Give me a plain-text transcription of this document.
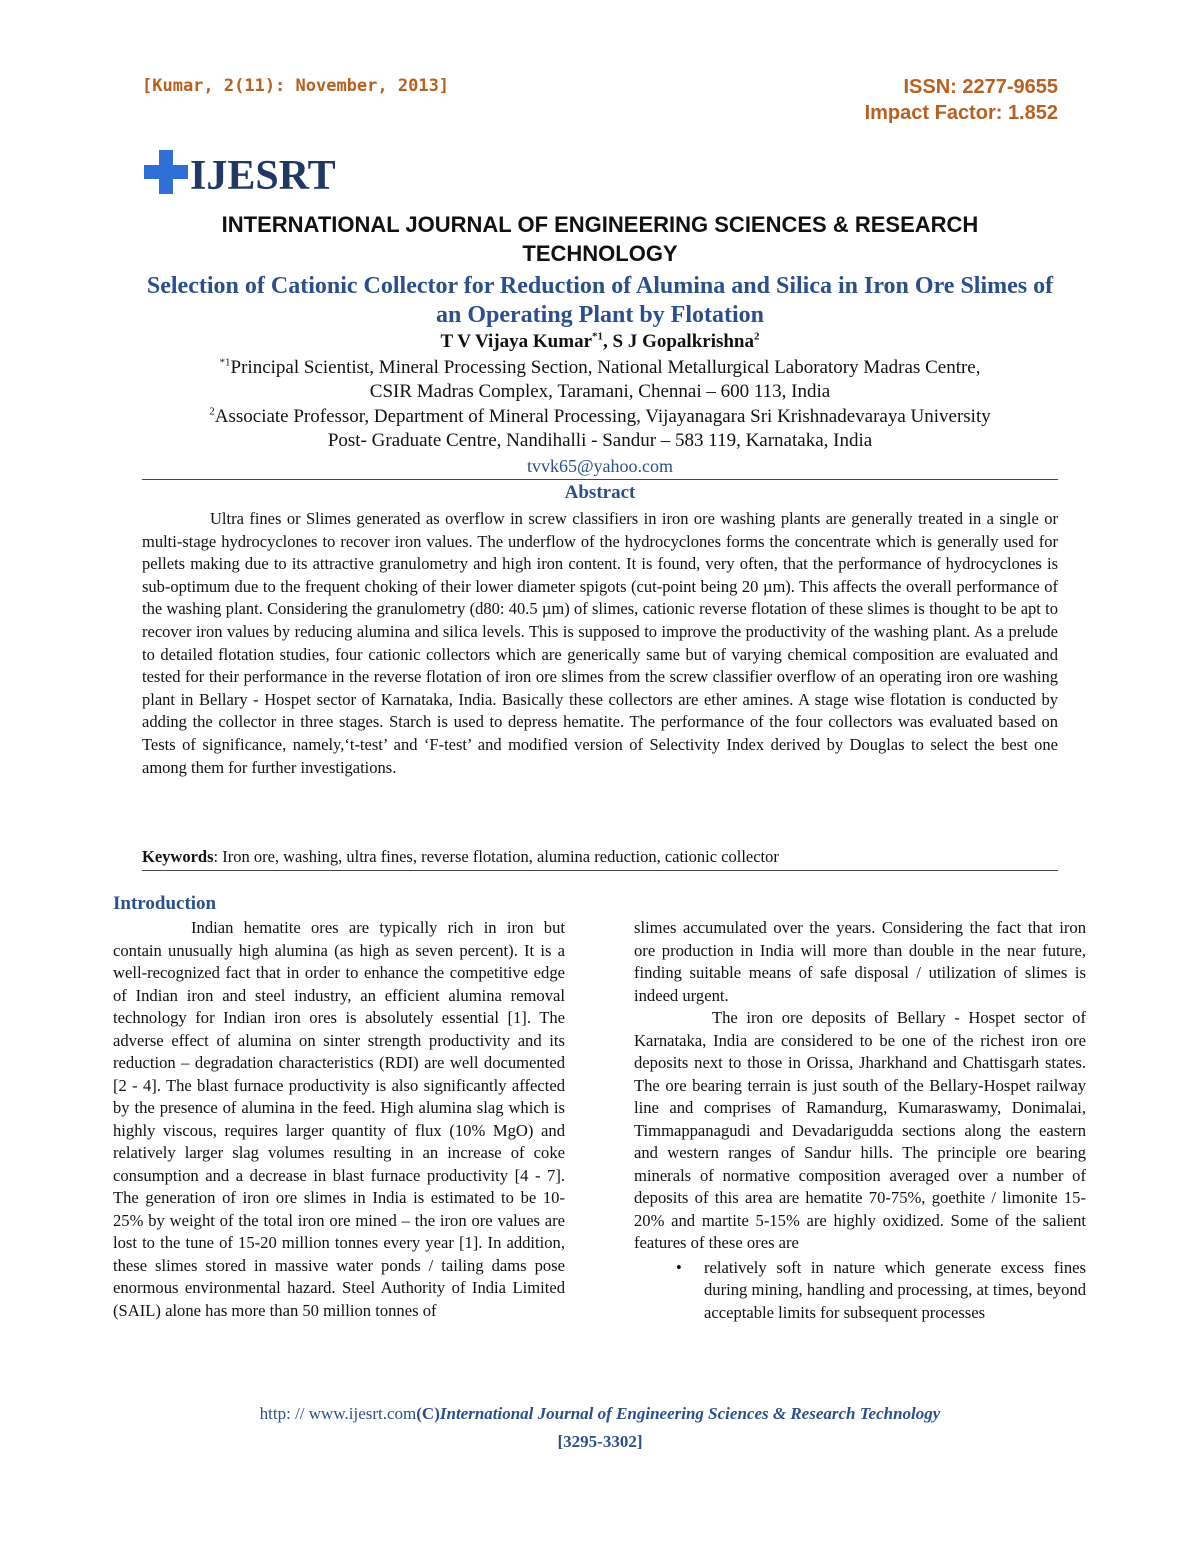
[Kumar, 2(11): November, 2013]	ISSN: 2277-9655
Impact Factor: 1.852
IJESRT
INTERNATIONAL JOURNAL OF ENGINEERING SCIENCES & RESEARCH TECHNOLOGY
Selection of Cationic Collector for Reduction of Alumina and Silica in Iron Ore Slimes of an Operating Plant by Flotation
T V Vijaya Kumar$^{*1}$, S J Gopalkrishna$^2$
$^{*1}$Principal Scientist, Mineral Processing Section, National Metallurgical Laboratory Madras Centre,
CSIR Madras Complex, Taramani, Chennai – 600 113, India
$^2$Associate Professor, Department of Mineral Processing, Vijayanagara Sri Krishnadevaraya University
Post- Graduate Centre, Nandihalli - Sandur – 583 119, Karnataka, India
tvvk65@yahoo.com
Abstract
Ultra fines or Slimes generated as overflow in screw classifiers in iron ore washing plants are generally treated in a single or multi-stage hydrocyclones to recover iron values. The underflow of the hydrocyclones forms the concentrate which is generally used for pellets making due to its attractive granulometry and high iron content. It is found, very often, that the performance of hydrocyclones is sub-optimum due to the frequent choking of their lower diameter spigots (cut-point being 20 µm). This affects the overall performance of the washing plant. Considering the granulometry (d80: 40.5 µm) of slimes, cationic reverse flotation of these slimes is thought to be apt to recover iron values by reducing alumina and silica levels. This is supposed to improve the productivity of the washing plant. As a prelude to detailed flotation studies, four cationic collectors which are generically same but of varying chemical composition are evaluated and tested for their performance in the reverse flotation of iron ore slimes from the screw classifier overflow of an operating iron ore washing plant in Bellary - Hospet sector of Karnataka, India. Basically these collectors are ether amines. A stage wise flotation is conducted by adding the collector in three stages. Starch is used to depress hematite. The performance of the four collectors was evaluated based on Tests of significance, namely,‘t-test’ and ‘F-test’ and modified version of Selectivity Index derived by Douglas to select the best one among them for further investigations.
Keywords: Iron ore, washing, ultra fines, reverse flotation, alumina reduction, cationic collector
Introduction

Indian hematite ores are typically rich in iron but contain unusually high alumina (as high as seven percent). It is a well-recognized fact that in order to enhance the competitive edge of Indian iron and steel industry, an efficient alumina removal technology for Indian iron ores is absolutely essential [1]. The adverse effect of alumina on sinter strength productivity and its reduction – degradation characteristics (RDI) are well documented [2 - 4]. The blast furnace productivity is also significantly affected by the presence of alumina in the feed. High alumina slag which is highly viscous, requires larger quantity of flux (10% MgO) and relatively larger slag volumes resulting in an increase of coke consumption and a decrease in blast furnace productivity [4 - 7]. The generation of iron ore slimes in India is estimated to be 10-25% by weight of the total iron ore mined – the iron ore values are lost to the tune of 15-20 million tonnes every year [1]. In addition, these slimes stored in massive water ponds / tailing dams pose enormous environmental hazard. Steel Authority of India Limited (SAIL) alone has more than 50 million tonnes of

slimes accumulated over the years. Considering the fact that iron ore production in India will more than double in the near future, finding suitable means of safe disposal / utilization of slimes is indeed urgent.

The iron ore deposits of Bellary - Hospet sector of Karnataka, India are considered to be one of the richest iron ore deposits next to those in Orissa, Jharkhand and Chattisgarh states. The ore bearing terrain is just south of the Bellary-Hospet railway line and comprises of Ramandurg, Kumaraswamy, Donimalai, Timmappanagudi and Devadarigudda sections along the eastern and western ranges of Sandur hills. The principle ore bearing minerals of normative composition averaged over a number of deposits of this area are hematite 70-75%, goethite / limonite 15-20% and martite 5-15% are highly oxidized. Some of the salient features of these ores are

• relatively soft in nature which generate excess fines during mining, handling and processing, at times, beyond acceptable limits for subsequent processes
http: // www.ijesrt.com(C)International Journal of Engineering Sciences & Research Technology
[3295-3302]
